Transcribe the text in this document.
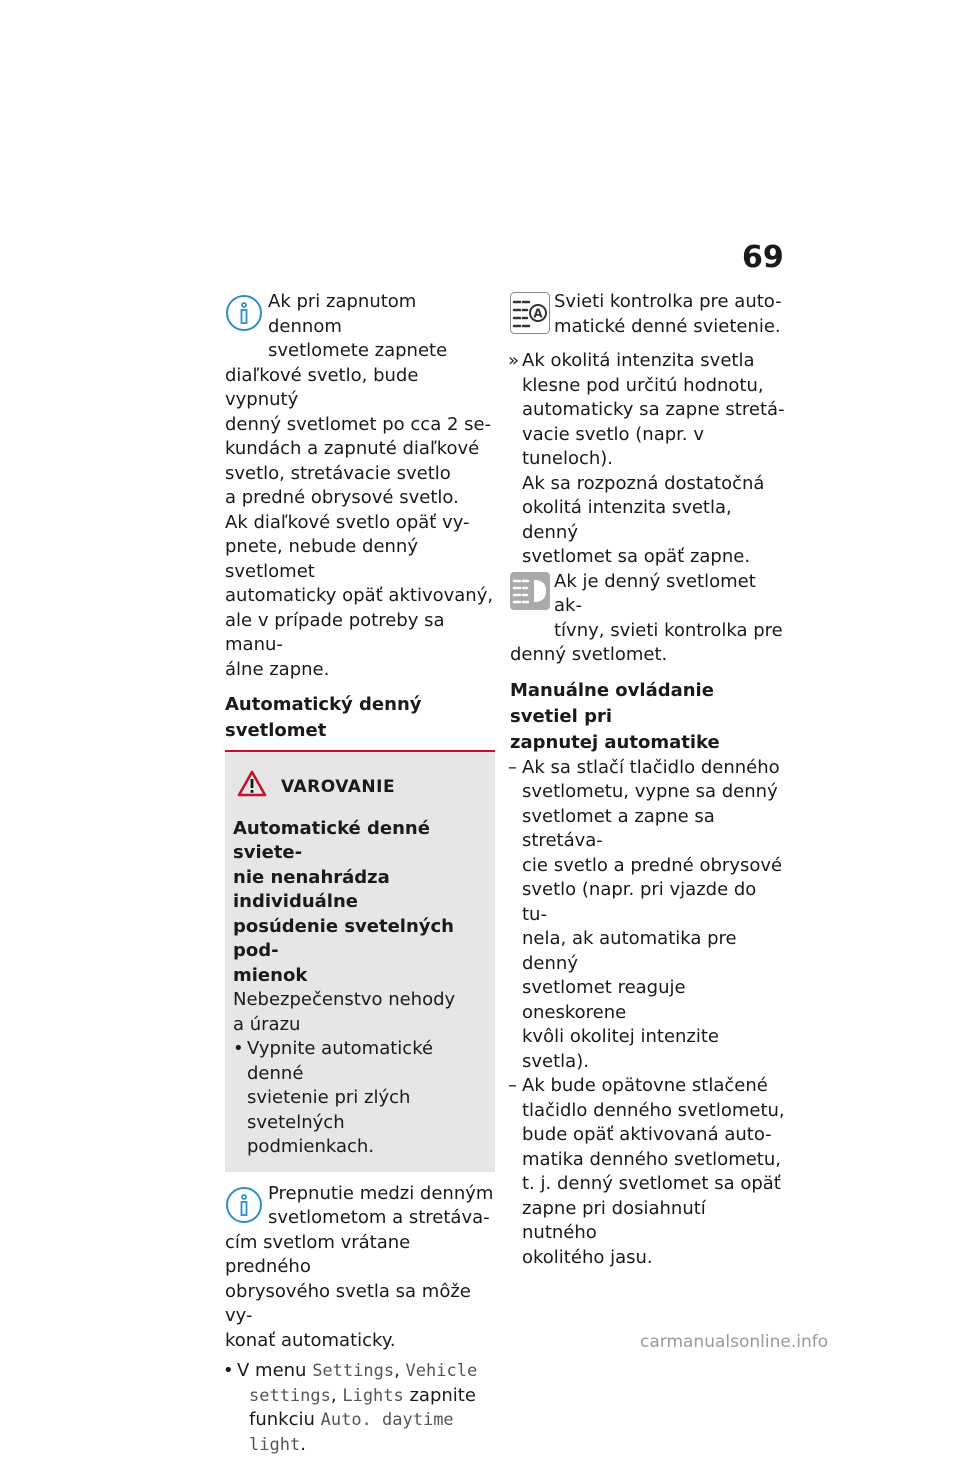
69

Ak pri zapnutom dennom

svetlomete zapnete

diaľkové svetlo, bude vypnutý

denný svetlomet po cca 2 se-

kundách a zapnuté diaľkové

svetlo, stretávacie svetlo

a predné obrysové svetlo.

Ak diaľkové svetlo opäť vy-

pnete, nebude denný svetlomet

automaticky opäť aktivovaný,

ale v prípade potreby sa manu-

álne zapne.

Automatický denný svetlomet

VAROVANIE

Automatické denné sviete-

nie nenahrádza individuálne

posúdenie svetelných pod-

mienok

Nebezpečenstvo nehody

a úrazu

• Vypnite automatické denné

svietenie pri zlých svetelných

podmienkach.

Prepnutie medzi denným

svetlometom a stretáva-

cím svetlom vrátane predného

obrysového svetla sa môže vy-

konať automaticky.

• V menu Settings, Vehicle

settings, Lights zapnite

funkciu Auto. daytime

light.

A

Svieti kontrolka pre auto-

matické denné svietenie.

» Ak okolitá intenzita svetla

klesne pod určitú hodnotu,

automaticky sa zapne stretá-

vacie svetlo (napr. v tuneloch).

Ak sa rozpozná dostatočná

okolitá intenzita svetla, denný

svetlomet sa opäť zapne.

Ak je denný svetlomet ak-

tívny, svieti kontrolka pre

denný svetlomet.

Manuálne ovládanie svetiel pri

zapnutej automatike

– Ak sa stlačí tlačidlo denného

svetlometu, vypne sa denný

svetlomet a zapne sa stretáva-

cie svetlo a predné obrysové

svetlo (napr. pri vjazde do tu-

nela, ak automatika pre denný

svetlomet reaguje oneskorene

kvôli okolitej intenzite svetla).

– Ak bude opätovne stlačené

tlačidlo denného svetlometu,

bude opäť aktivovaná auto-

matika denného svetlometu,

t. j. denný svetlomet sa opäť

zapne pri dosiahnutí nutného

okolitého jasu.

carmanualsonline.info
